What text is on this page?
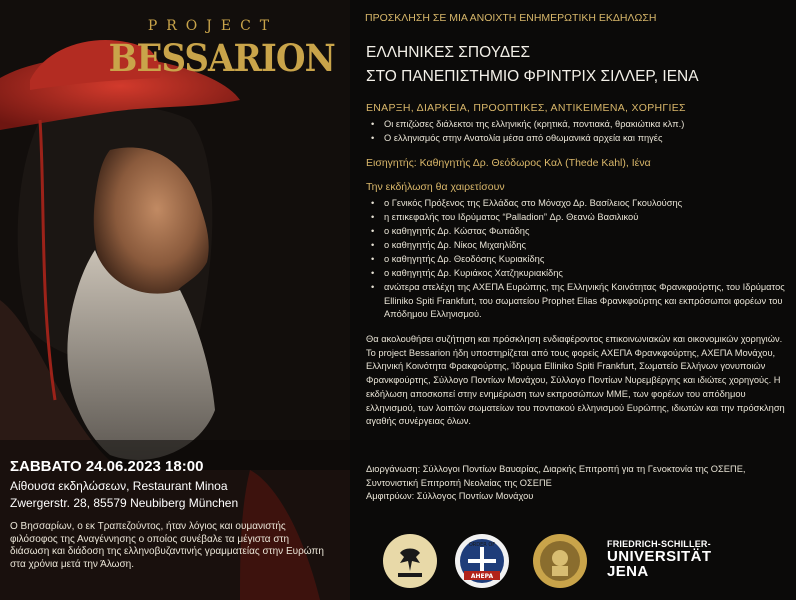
PROJECT
BESSARION
ΣΑΒΒΑΤΟ 24.06.2023 18:00
Αίθουσα εκδηλώσεων, Restaurant Minoa
Zwergerstr. 28, 85579 Neubiberg München
Ο Βησσαρίων, ο εκ Τραπεζούντος, ήταν λόγιος και ουμανιστής φιλόσοφος της Αναγέννησης ο οποίος συνέβαλε τα μέγιστα στη διάσωση και διάδοση της ελληνοβυζαντινής γραμματείας στην Ευρώπη στα χρόνια μετά την Άλωση.
ΠΡΟΣΚΛΗΣΗ ΣΕ ΜΙΑ ΑΝΟΙΧΤΗ ΕΝΗΜΕΡΩΤΙΚΗ ΕΚΔΗΛΩΣΗ
ΕΛΛΗΝΙΚΕΣ ΣΠΟΥΔΕΣ
ΣΤΟ ΠΑΝΕΠΙΣΤΗΜΙΟ ΦΡΙΝΤΡΙΧ ΣΙΛΛΕΡ, ΙΕΝΑ
ΕΝΑΡΞΗ, ΔΙΑΡΚΕΙΑ, ΠΡΟΟΠΤΙΚΕΣ, ΑΝΤΙΚΕΙΜΕΝΑ, ΧΟΡΗΓΙΕΣ
• Οι επιζώσες διάλεκτοι της ελληνικής (κρητικά, ποντιακά, θρακιώτικα κλπ.)
• Ο ελληνισμός στην Ανατολία μέσα από οθωμανικά αρχεία και πηγές
Εισηγητής: Καθηγητής Δρ. Θεόδωρος Καλ (Thede Kahl), Ιένα
Την εκδήλωση θα χαιρετίσουν
• ο Γενικός Πρόξενος της Ελλάδας στο Μόναχο Δρ. Βασίλειος Γκουλούσης
• η επικεφαλής του Ιδρύματος “Palladion” Δρ. Θεανώ Βασιλικού
• ο καθηγητής Δρ. Κώστας Φωτιάδης
• ο καθηγητής Δρ. Νίκος Μιχαηλίδης
• ο καθηγητής Δρ. Θεοδόσης Κυριακίδης
• ο καθηγητής Δρ. Κυριάκος Χατζηκυριακίδης
• ανώτερα στελέχη της ΑΧΕΠΑ Ευρώπης, της Ελληνικής Κοινότητας Φρανκφούρτης, του Ιδρύματος Elliniko Spiti Frankfurt, του σωματείου Prophet Elias Φρανκφούρτης και εκπρόσωποι φορέων του Απόδημου Ελληνισμού.
Θα ακολουθήσει συζήτηση και πρόσκληση ενδιαφέροντος επικοινωνιακών και οικονομικών χορηγιών. Το project Bessarion ήδη υποστηρίζεται από τους φορείς ΑΧΕΠΑ Φρανκφούρτης, ΑΧΕΠΑ Μονάχου, Ελληνική Κοινότητα Φρακφούρτης, Ίδρυμα Elliniko Spiti Frankfurt, Σωματείο Ελλήνων γονυποιών Φρανκφούρτης, Σύλλογο Ποντίων Μονάχου, Σύλλογο Ποντίων Νυρεμβέργης και ιδιώτες χορηγούς. Η εκδήλωση αποσκοπεί στην ενημέρωση των εκπροσώπων ΜΜΕ, των φορέων του απόδημου ελληνισμού, των λοιπών σωματείων του ποντιακού ελληνισμού Ευρώπης, ιδιωτών και την πρόσκληση αγαθής συνέργειας όλων.
Διοργάνωση: Σύλλογοι Ποντίων Βαυαρίας, Διαρκής Επιτροπή για τη Γενοκτονία της ΟΣΕΠΕ, Συντονιστική Επιτροπή Νεολαίας της ΟΣΕΠΕ
Αμφιτρύων: Σύλλογος Ποντίων Μονάχου
ORDER OF
AHEPA
FRIEDRICH-SCHILLER-
UNIVERSITÄT
JENA
